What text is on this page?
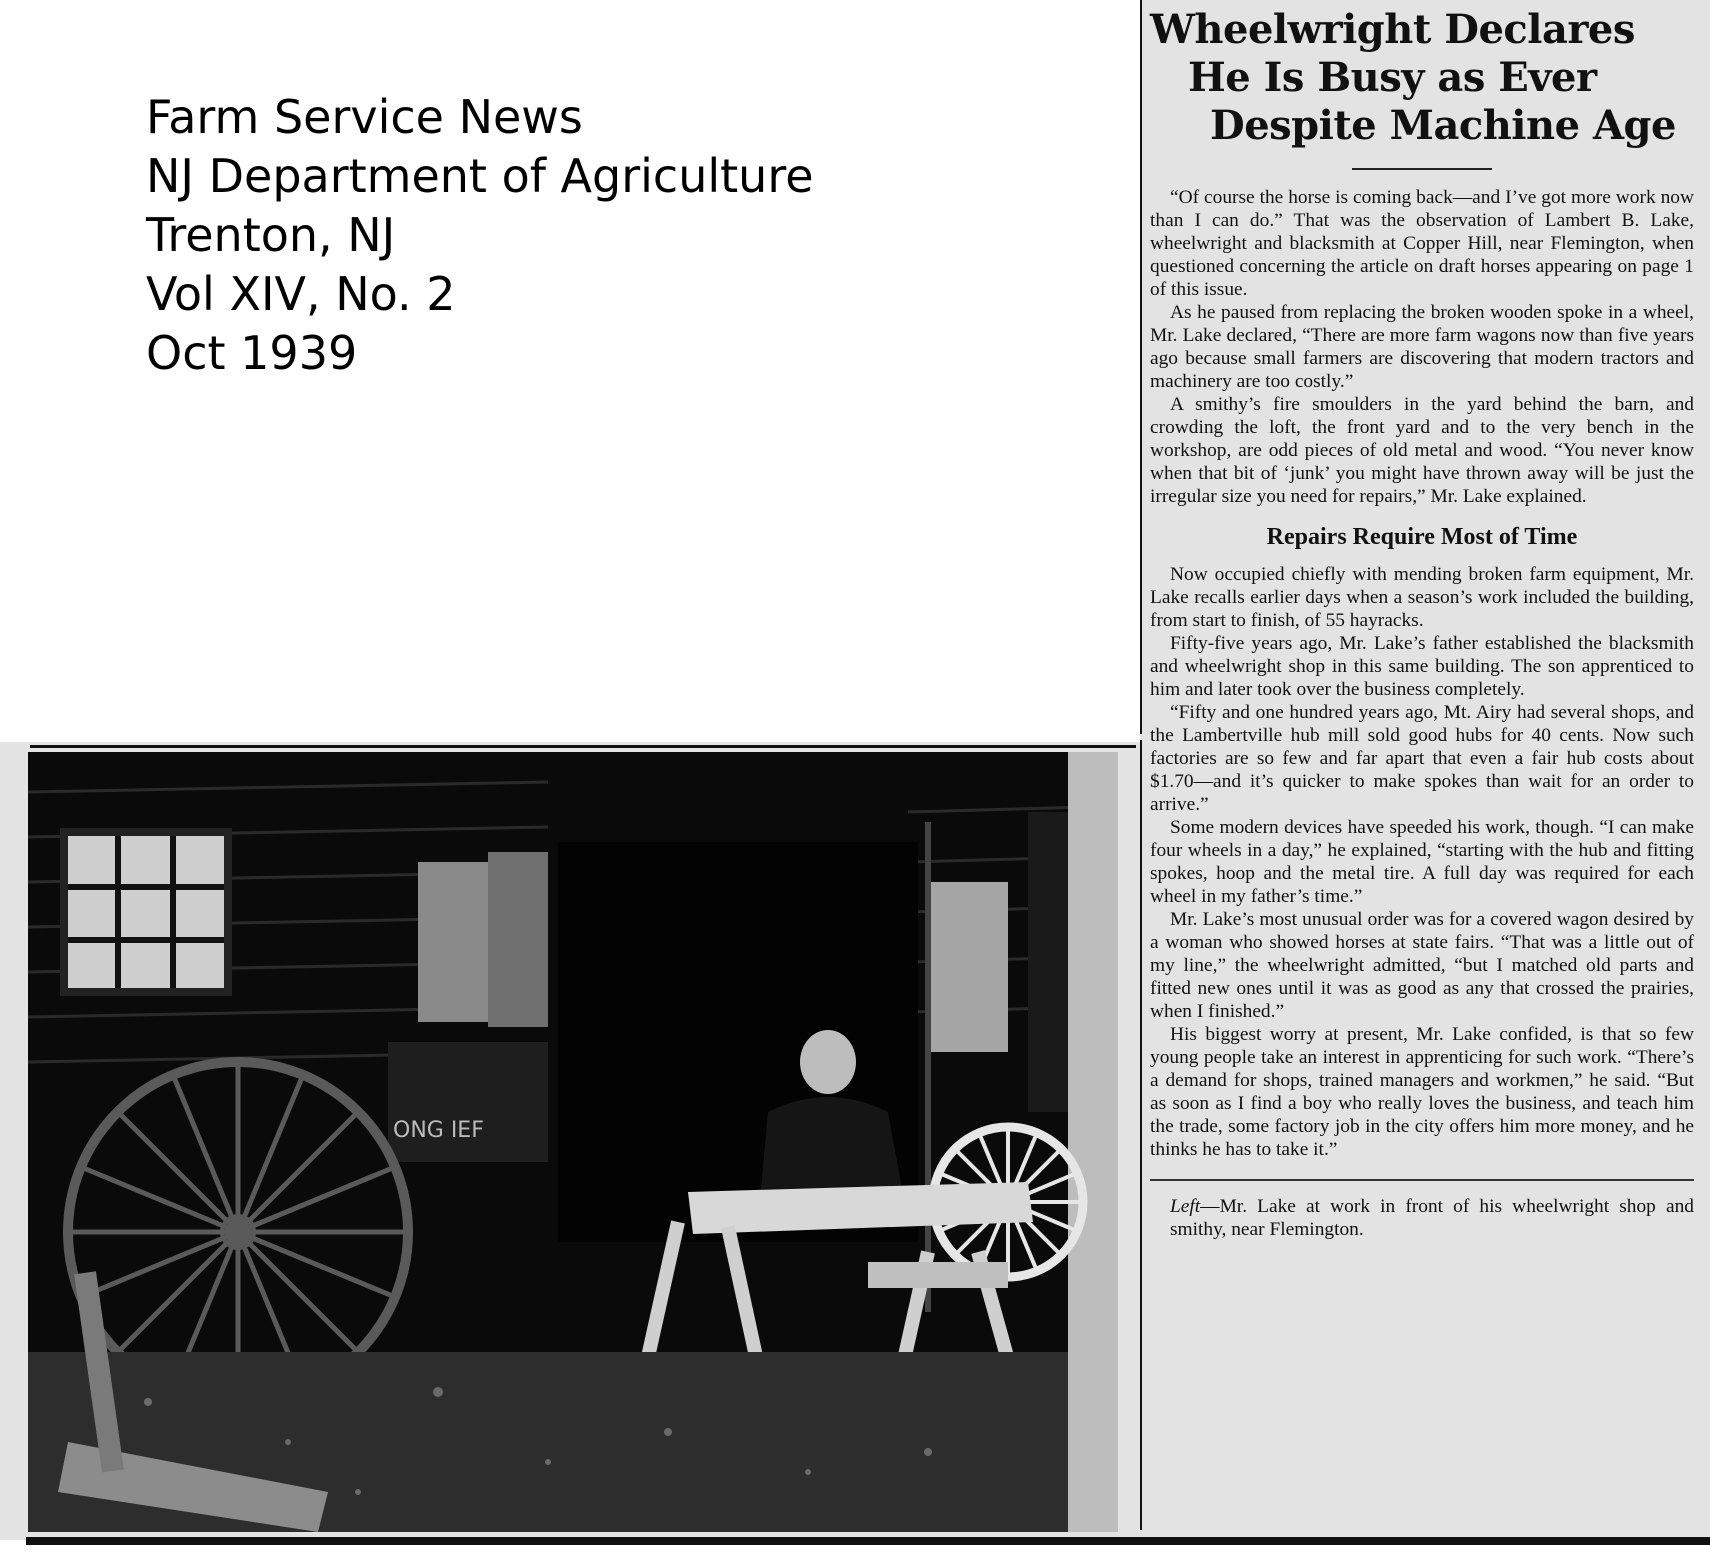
Farm Service News
NJ Department of Agriculture
Trenton, NJ
Vol XIV, No. 2
Oct 1939
ONG IEF
Wheelwright Declares
He Is Busy as Ever
Despite Machine Age

“Of course the horse is coming back—and I’ve got more work now than I can do.” That was the observation of Lambert B. Lake, wheelwright and blacksmith at Copper Hill, near Flemington, when questioned concerning the article on draft horses appearing on page 1 of this issue.

As he paused from replacing the broken wooden spoke in a wheel, Mr. Lake declared, “There are more farm wagons now than five years ago because small farmers are discovering that modern tractors and machinery are too costly.”

A smithy’s fire smoulders in the yard behind the barn, and crowding the loft, the front yard and to the very bench in the workshop, are odd pieces of old metal and wood. “You never know when that bit of ‘junk’ you might have thrown away will be just the irregular size you need for repairs,” Mr. Lake explained.

Repairs Require Most of Time

Now occupied chiefly with mending broken farm equipment, Mr. Lake recalls earlier days when a season’s work included the building, from start to finish, of 55 hayracks.

Fifty-five years ago, Mr. Lake’s father established the blacksmith and wheelwright shop in this same building. The son apprenticed to him and later took over the business completely.

“Fifty and one hundred years ago, Mt. Airy had several shops, and the Lambertville hub mill sold good hubs for 40 cents. Now such factories are so few and far apart that even a fair hub costs about $1.70—and it’s quicker to make spokes than wait for an order to arrive.”

Some modern devices have speeded his work, though. “I can make four wheels in a day,” he explained, “starting with the hub and fitting spokes, hoop and the metal tire. A full day was required for each wheel in my father’s time.”

Mr. Lake’s most unusual order was for a covered wagon desired by a woman who showed horses at state fairs. “That was a little out of my line,” the wheelwright admitted, “but I matched old parts and fitted new ones until it was as good as any that crossed the prairies, when I finished.”

His biggest worry at present, Mr. Lake confided, is that so few young people take an interest in apprenticing for such work. “There’s a demand for shops, trained managers and workmen,” he said. “But as soon as I find a boy who really loves the business, and teach him the trade, some factory job in the city offers him more money, and he thinks he has to take it.”

Left—Mr. Lake at work in front of his wheelwright shop and smithy, near Flemington.
